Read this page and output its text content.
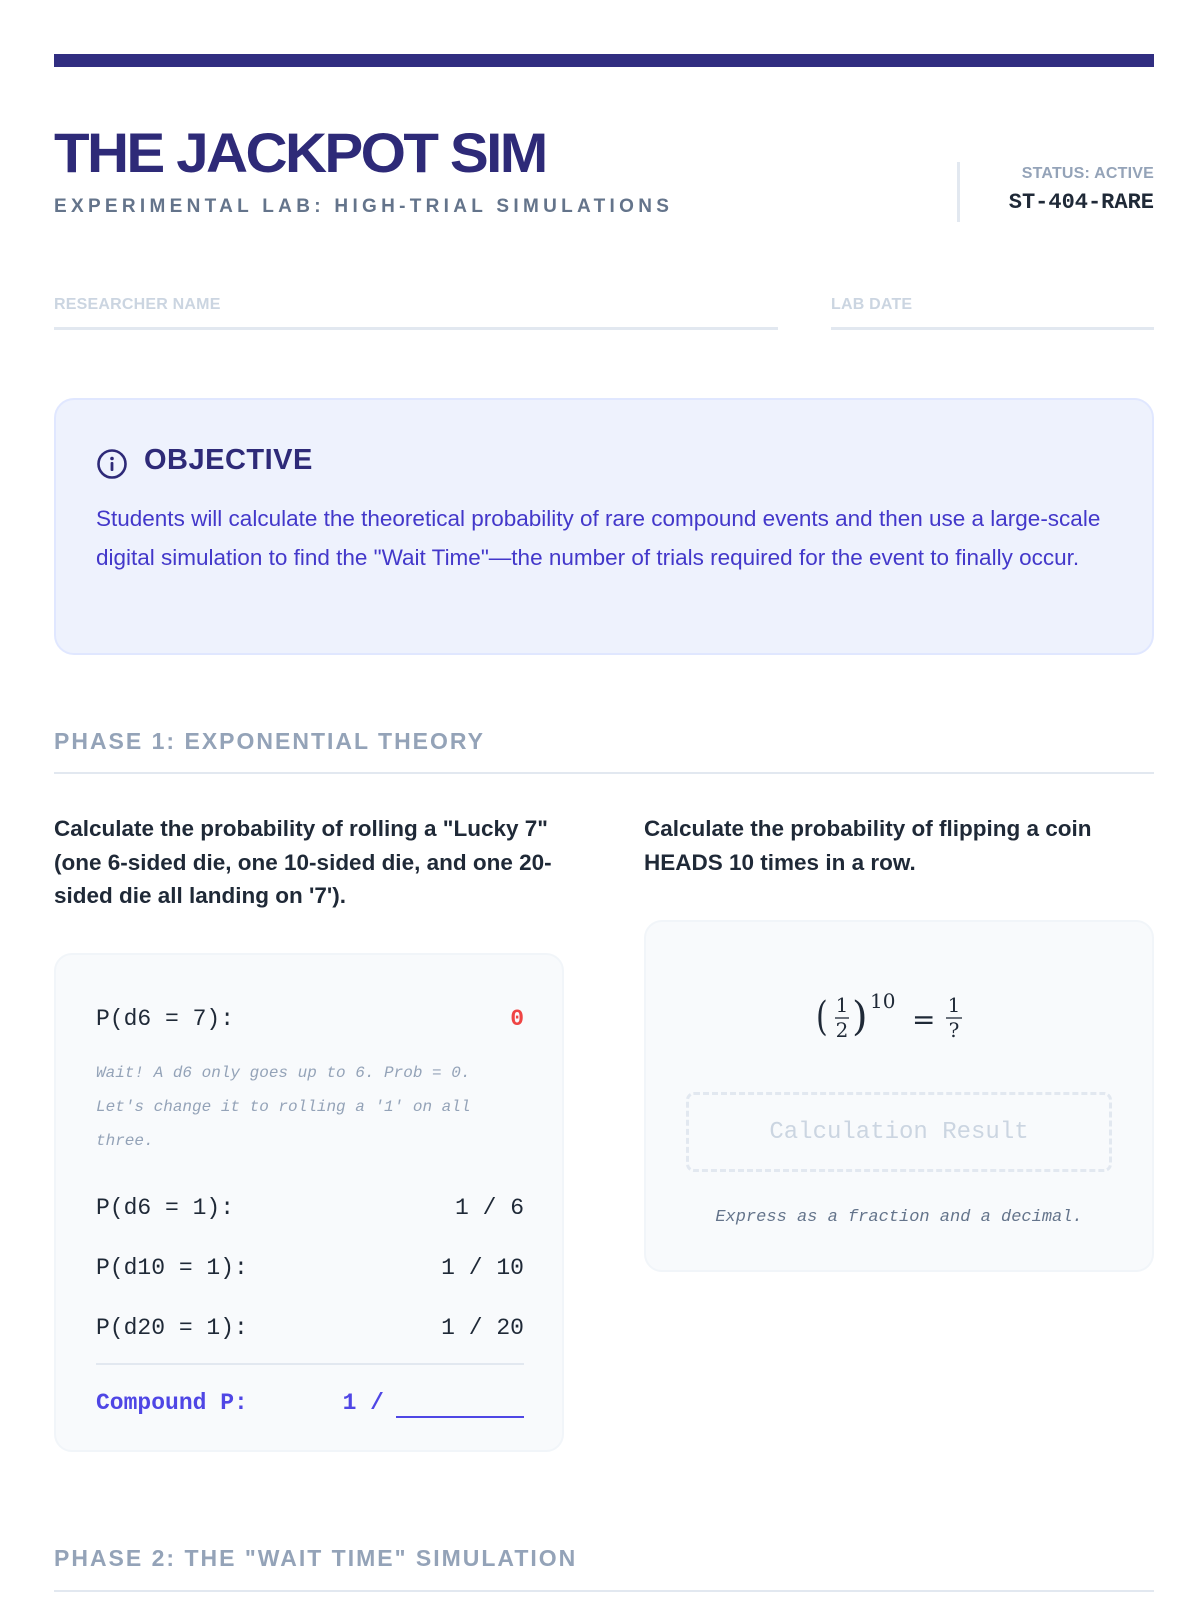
THE JACKPOT SIM
EXPERIMENTAL LAB: HIGH-TRIAL SIMULATIONS
STATUS: ACTIVE
ST-404-RARE
RESEARCHER NAME	LAB DATE
OBJECTIVE
Students will calculate the theoretical probability of rare compound events and then use a large-scale digital simulation to find the "Wait Time"—the number of trials required for the event to finally occur.
PHASE 1: EXPONENTIAL THEORY
Calculate the probability of rolling a "Lucky 7" (one 6-sided die, one 10-sided die, and one 20-sided die all landing on '7').
Calculate the probability of flipping a coin HEADS 10 times in a row.
P(d6 = 7):	0
Wait! A d6 only goes up to 6. Prob = 0. Let's change it to rolling a '1' on all three.
P(d6 = 1):	1 / 6
P(d10 = 1):	1 / 10
P(d20 = 1):	1 / 20
Compound P:	1 /
( 1
2 ) 10
= 1
?
Calculation Result
Express as a fraction and a decimal.
PHASE 2: THE "WAIT TIME" SIMULATION
